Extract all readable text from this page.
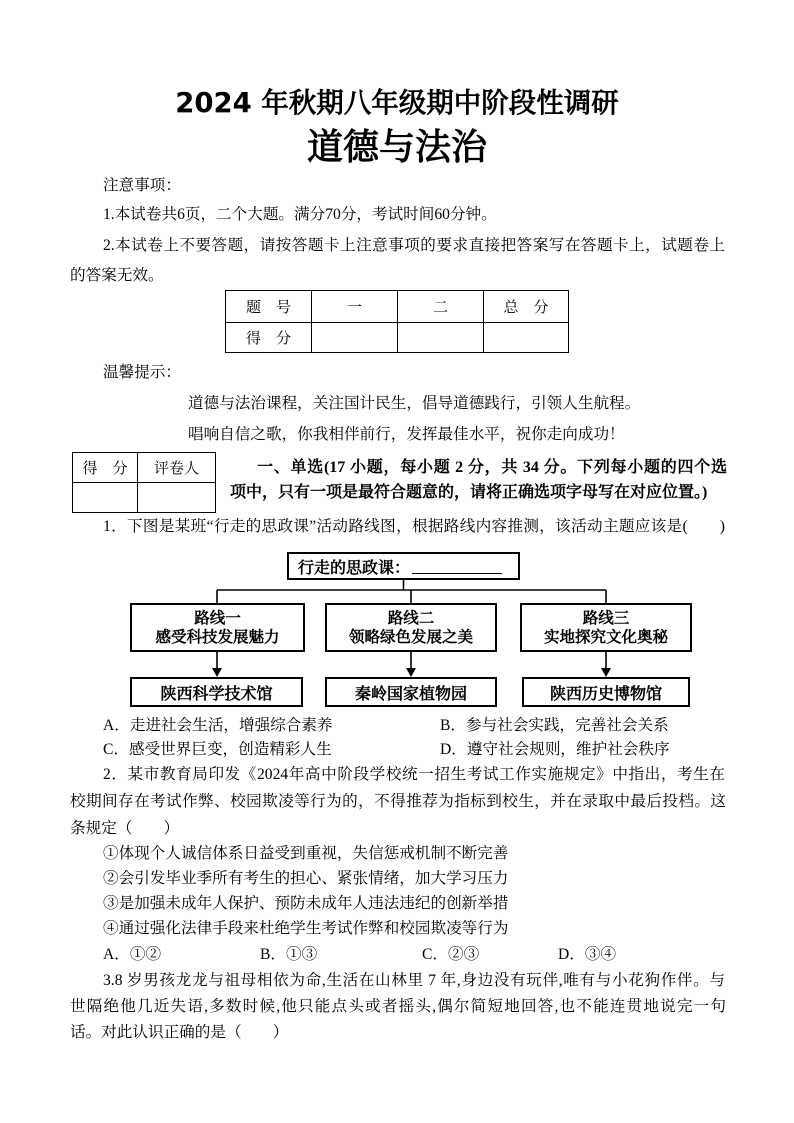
2024 年秋期八年级期中阶段性调研
道德与法治
注意事项：
1.本试卷共6页，二个大题。满分70分，考试时间60分钟。
2.本试卷上不要答题，请按答题卡上注意事项的要求直接把答案写在答题卡上，试题卷上
的答案无效。
题　号	一	二	总　分
得　分			
温馨提示：
道德与法治课程，关注国计民生，倡导道德践行，引领人生航程。
唱响自信之歌，你我相伴前行，发挥最佳水平，祝你走向成功！
得　分	评卷人
		一、单选(17 小题，每小题 2 分，共 34 分。下列每小题的四个选
项中，只有一项是最符合题意的，请将正确选项字母写在对应位置。)
1．下图是某班“行走的思政课”活动路线图，根据路线内容推测，该活动主题应该是(　　)
行走的思政课：
路线一
感受科技发展魅力
路线二
领略绿色发展之美
路线三
实地探究文化奥秘
陕西科学技术馆	秦岭国家植物园	陕西历史博物馆
A．走进社会生活，增强综合素养	B．参与社会实践，完善社会关系
C．感受世界巨变，创造精彩人生	D．遵守社会规则，维护社会秩序
2．某市教育局印发《2024年高中阶段学校统一招生考试工作实施规定》中指出，考生在
校期间存在考试作弊、校园欺凌等行为的，不得推荐为指标到校生，并在录取中最后投档。这
条规定（　　）
①体现个人诚信体系日益受到重视，失信惩戒机制不断完善
②会引发毕业季所有考生的担心、紧张情绪，加大学习压力
③是加强未成年人保护、预防未成年人违法违纪的创新举措
④通过强化法律手段来杜绝学生考试作弊和校园欺凌等行为
A．①②	B．①③	C．②③	D．③④
3.8 岁男孩龙龙与祖母相依为命,生活在山林里 7 年,身边没有玩伴,唯有与小花狗作伴。与
世隔绝他几近失语,多数时候,他只能点头或者摇头,偶尔简短地回答,也不能连贯地说完一句
话。对此认识正确的是（　　）
